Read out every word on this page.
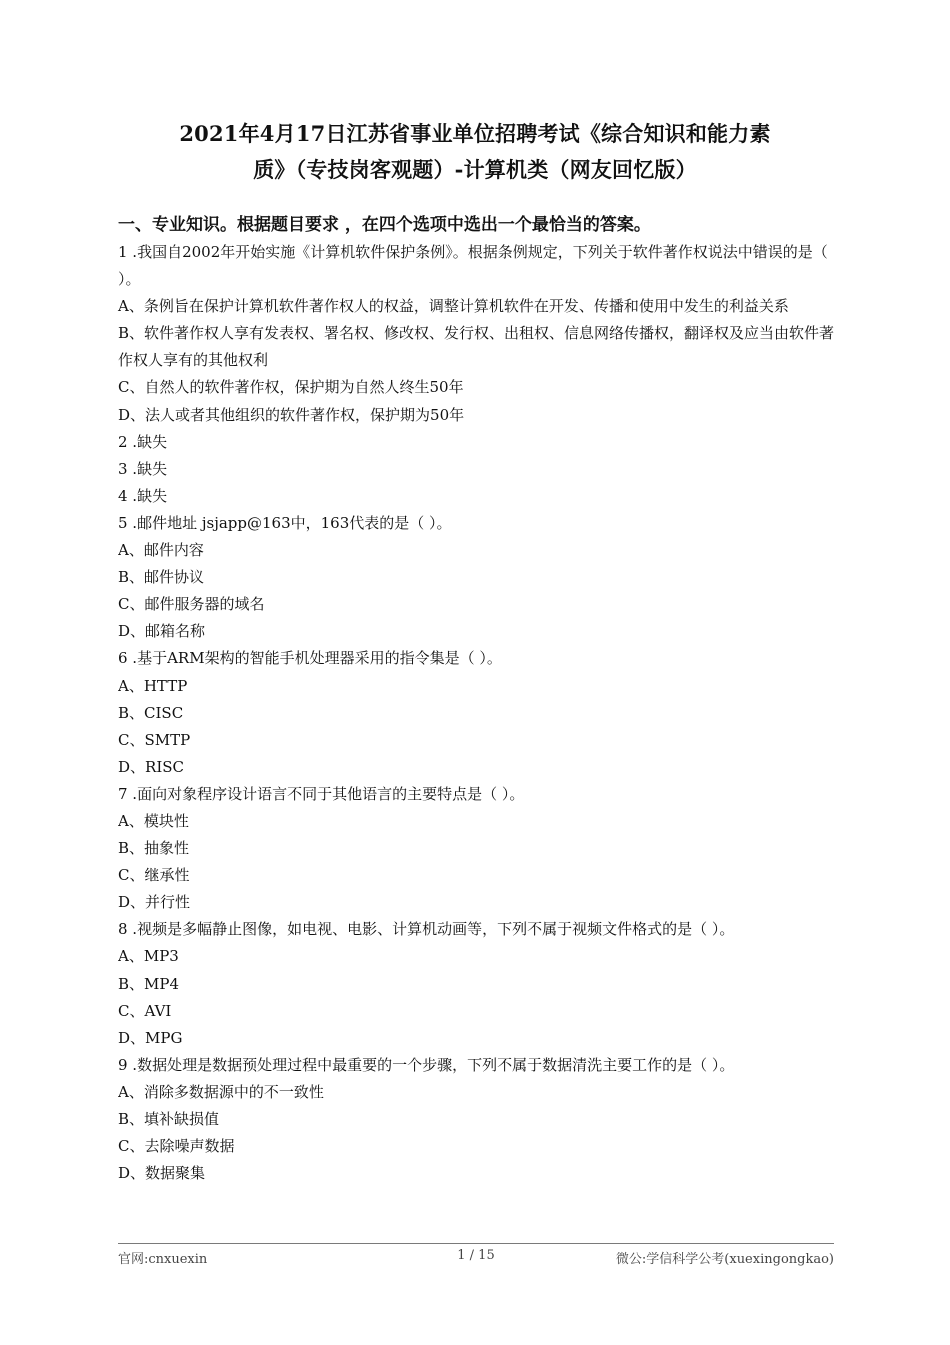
2021年4月17日江苏省事业单位招聘考试《综合知识和能力素
质》（专技岗客观题）-计算机类（网友回忆版）
一、专业知识。根据题目要求 ，在四个选项中选出一个最恰当的答案。
1 .我国自2002年开始实施《计算机软件保护条例》。根据条例规定，下列关于软件著作权说法中错误的是（ ）。
A、条例旨在保护计算机软件著作权人的权益，调整计算机软件在开发、传播和使用中发生的利益关系
B、软件著作权人享有发表权、署名权、修改权、发行权、出租权、信息网络传播权，翻译权及应当由软件著作权人享有的其他权利
C、自然人的软件著作权，保护期为自然人终生50年
D、法人或者其他组织的软件著作权，保护期为50年
2 .缺失
3 .缺失
4 .缺失
5 .邮件地址 jsjapp@163中，163代表的是（ ）。
A、邮件内容
B、邮件协议
C、邮件服务器的域名
D、邮箱名称
6 .基于ARM架构的智能手机处理器采用的指令集是（ ）。
A、HTTP
B、CISC
C、SMTP
D、RISC
7 .面向对象程序设计语言不同于其他语言的主要特点是（ ）。
A、模块性
B、抽象性
C、继承性
D、并行性
8 .视频是多幅静止图像，如电视、电影、计算机动画等，下列不属于视频文件格式的是（ ）。
A、MP3
B、MP4
C、AVI
D、MPG
9 .数据处理是数据预处理过程中最重要的一个步骤，下列不属于数据清洗主要工作的是（ ）。
A、消除多数据源中的不一致性
B、填补缺损值
C、去除噪声数据
D、数据聚集
官网:cnxuexin	1 / 15	微公:学信科学公考(xuexingongkao)
